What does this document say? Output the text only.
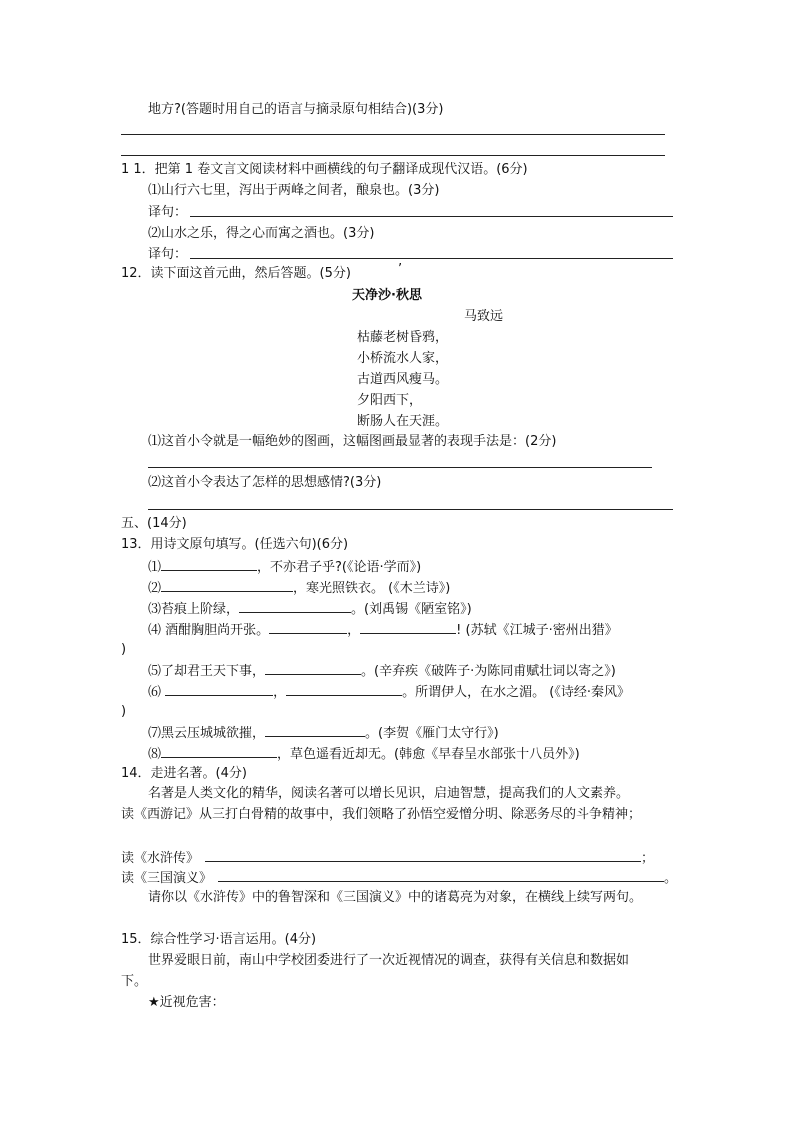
地方?(答题时用自己的语言与摘录原句相结合)(3分)
1 1．把第 1 卷文言文阅读材料中画横线的句子翻译成现代汉语。(6分)
⑴山行六七里，泻出于两峰之间者，酿泉也。(3分)
译句：
⑵山水之乐，得之心而寓之酒也。(3分)
译句：
12．读下面这首元曲，然后答题。(5分)	’
天净沙·秋思
马致远
枯藤老树昏鸦，
小桥流水人家，
古道西风瘦马。
夕阳西下，
断肠人在天涯。
⑴这首小令就是一幅绝妙的图画，这幅图画最显著的表现手法是：(2分)
⑵这首小令表达了怎样的思想感情?(3分)
五、(14分)
13．用诗文原句填写。(任选六句)(6分)
⑴	，不亦君子乎?(《论语·学而》)
⑵	，寒光照铁衣。 (《木兰诗》)
⑶苔痕上阶绿，	。(刘禹锡《陋室铭》)
⑷ 酒酣胸胆尚开张。	，	! (苏轼《江城子·密州出猎》
)
⑸了却君王天下事，	。(辛弃疾《破阵子·为陈同甫赋壮词以寄之》)
⑹	，	。所谓伊人，在水之湄。 (《诗经·秦风》
)
⑺黑云压城城欲摧，	。(李贺《雁门太守行》)
⑻	，草色遥看近却无。(韩愈《早春呈水部张十八员外》)
14．走进名著。(4分)
名著是人类文化的精华，阅读名著可以增长见识，启迪智慧，提高我们的人文素养。
读《西游记》从三打白骨精的故事中，我们领略了孙悟空爱憎分明、除恶务尽的斗争精神；
读《水浒传》	；
读《三国演义》	。
请你以《水浒传》中的鲁智深和《三国演义》中的诸葛亮为对象，在横线上续写两句。
15．综合性学习·语言运用。(4分)
世界爱眼日前，南山中学校团委进行了一次近视情况的调查，获得有关信息和数据如
下。
★近视危害：
